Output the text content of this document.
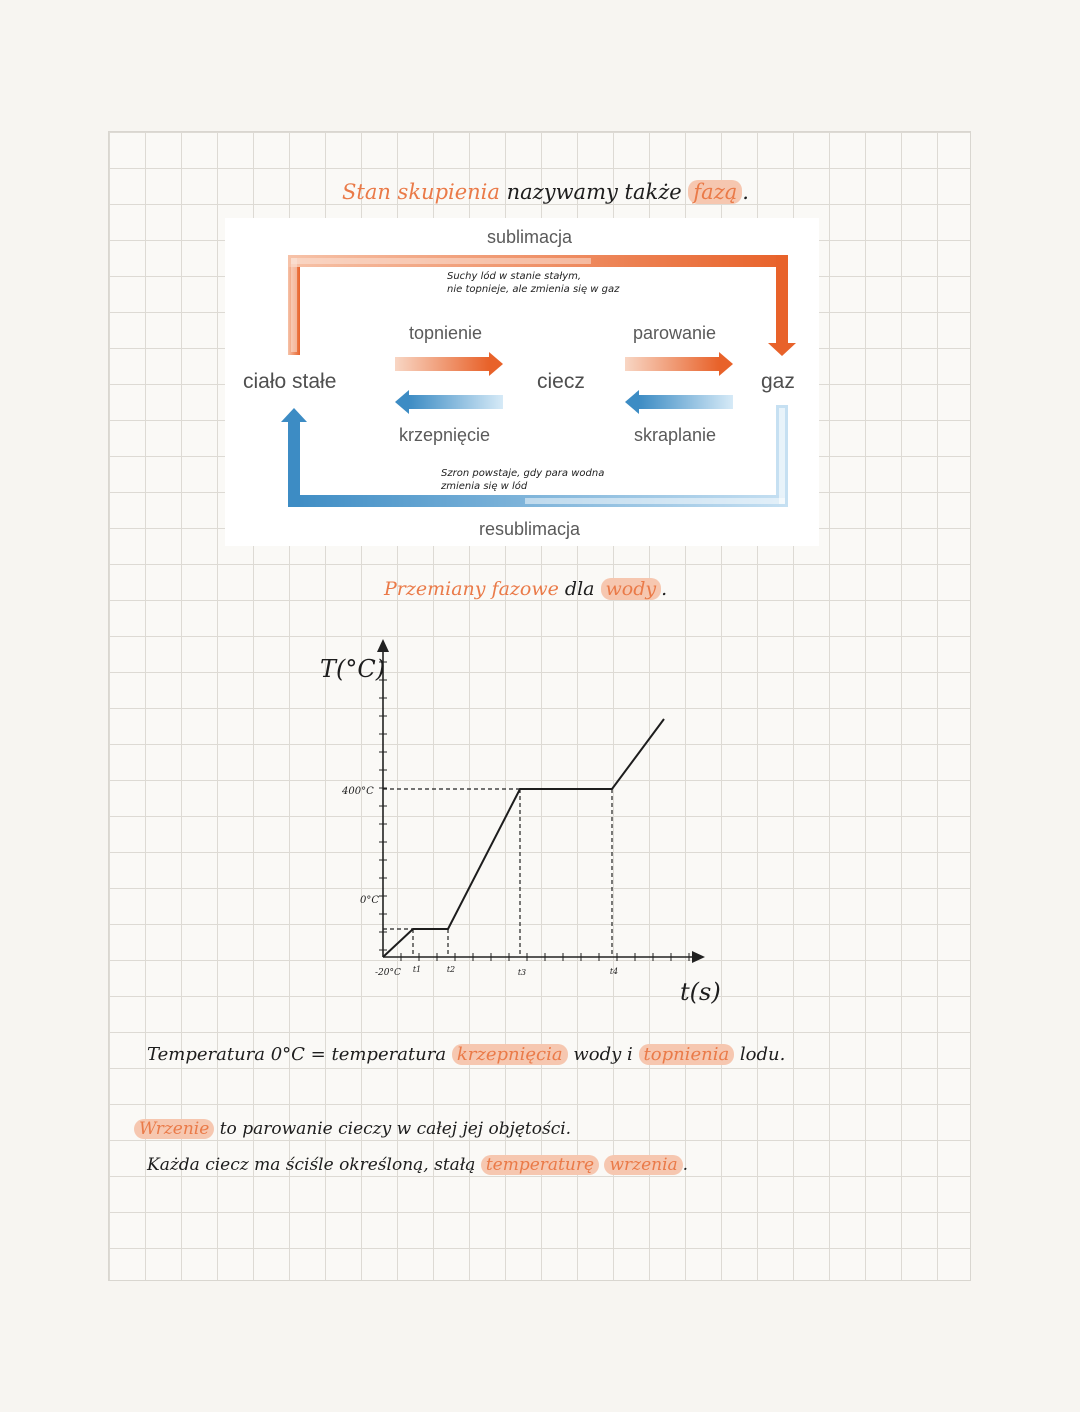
Stan skupienia nazywamy także fazą .
sublimacja
Suchy lód w stanie stałym,
nie topnieje, ale zmienia się w gaz
topnienie	parowanie
ciało stałe	ciecz	gaz
krzepnięcie	skraplanie
Szron powstaje, gdy para wodna
zmienia się w lód
resublimacja
Przemiany fazowe dla wody .
T(°C)
t(s)
400°C
0°C
-20°C t1	t2	t3	t4
Temperatura 0°C = temperatura krzepnięcia wody i topnienia lodu.
Wrzenie to parowanie cieczy w całej jej objętości.
Każda ciecz ma ściśle określoną, stałą temperaturę wrzenia .
